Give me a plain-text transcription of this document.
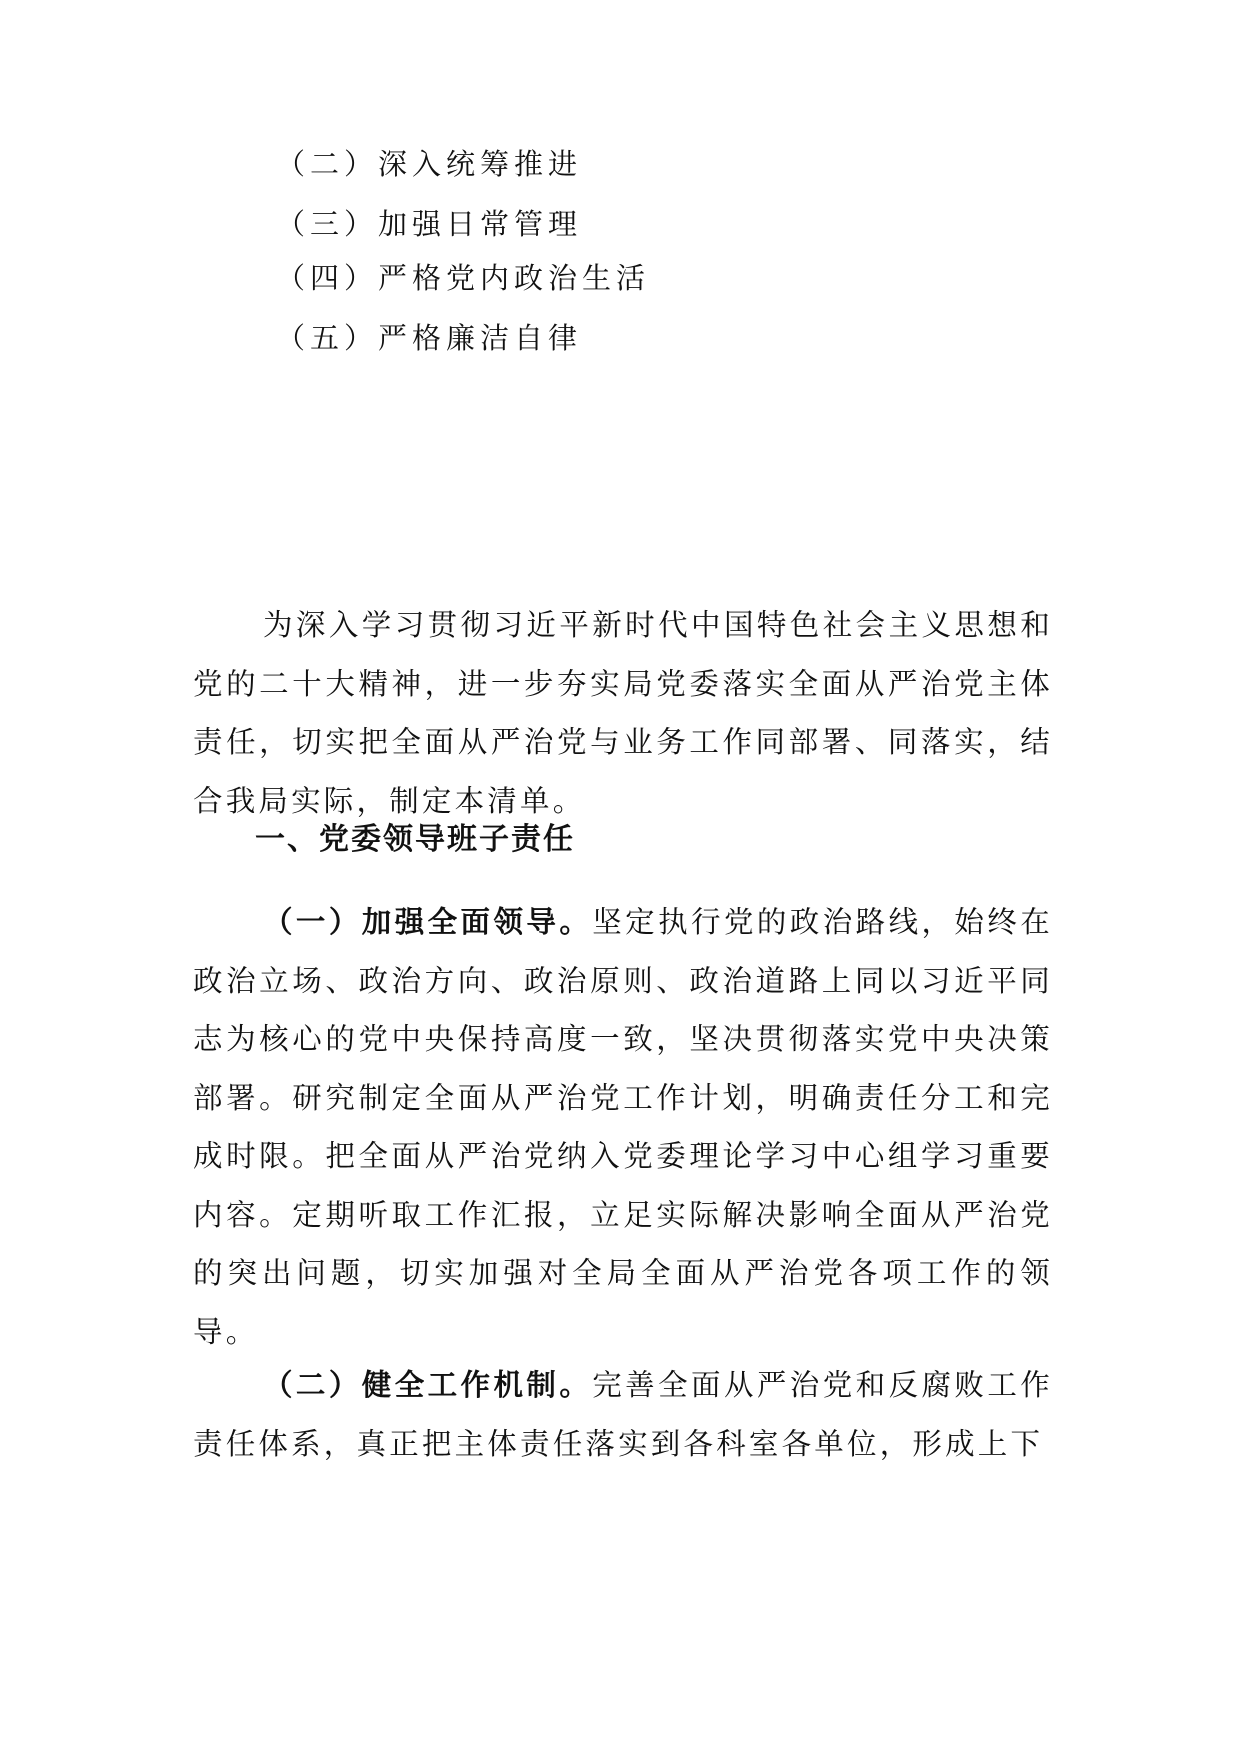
（二）深入统筹推进
（三）加强日常管理
（四）严格党内政治生活
（五）严格廉洁自律

为深入学习贯彻习近平新时代中国特色社会主义思想和党的二十大精神，进一步夯实局党委落实全面从严治党主体责任，切实把全面从严治党与业务工作同部署、同落实，结合我局实际，制定本清单。

一、党委领导班子责任

（一）加强全面领导。坚定执行党的政治路线，始终在政治立场、政治方向、政治原则、政治道路上同以习近平同志为核心的党中央保持高度一致，坚决贯彻落实党中央决策部署。研究制定全面从严治党工作计划，明确责任分工和完成时限。把全面从严治党纳入党委理论学习中心组学习重要内容。定期听取工作汇报，立足实际解决影响全面从严治党的突出问题，切实加强对全局全面从严治党各项工作的领导。

（二）健全工作机制。完善全面从严治党和反腐败工作责任体系，真正把主体责任落实到各科室各单位，形成上下
